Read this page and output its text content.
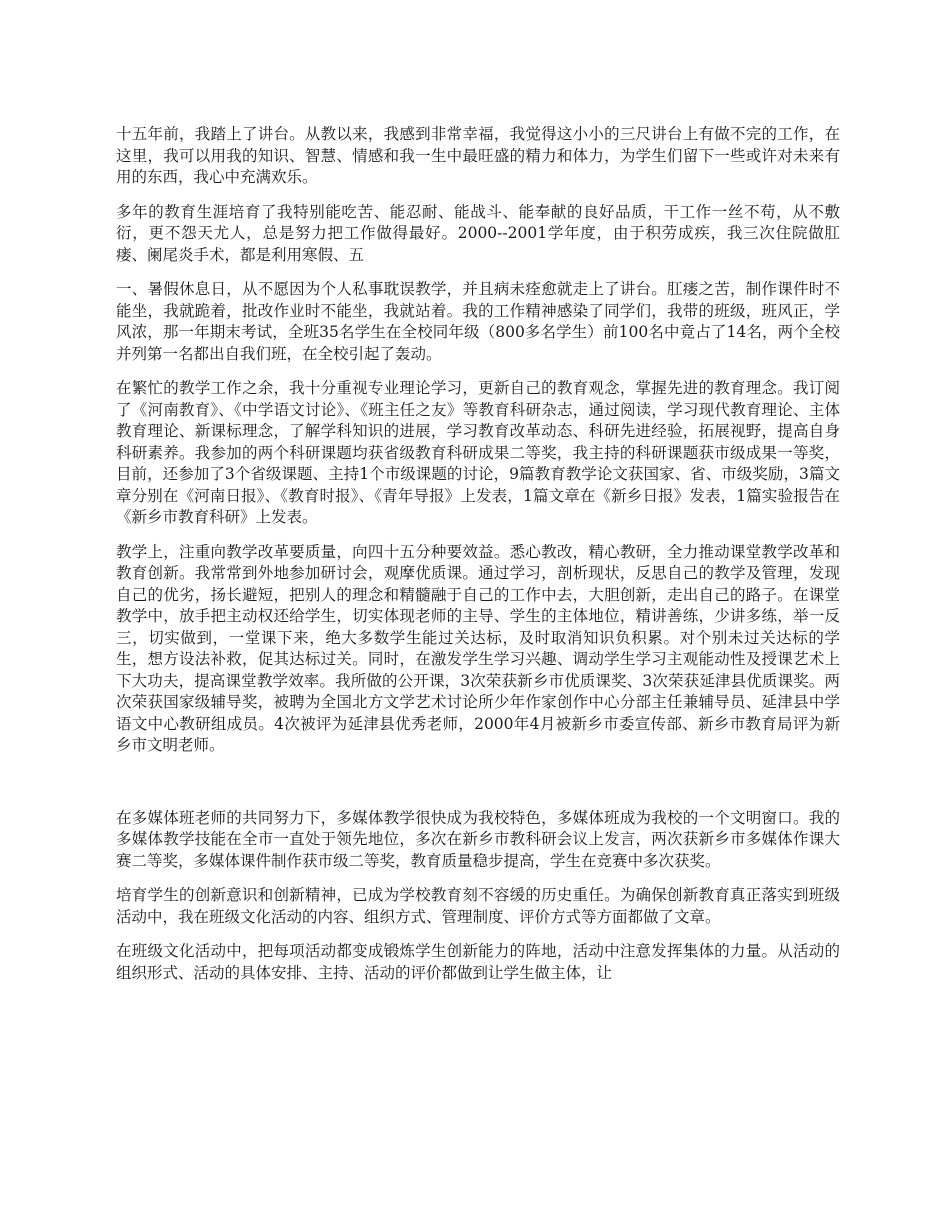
十五年前，我踏上了讲台。从教以来，我感到非常幸福，我觉得这小小的三尺讲台上有做不完的工作，在这里，我可以用我的知识、智慧、情感和我一生中最旺盛的精力和体力，为学生们留下一些或许对未来有用的东西，我心中充满欢乐。

多年的教育生涯培育了我特别能吃苦、能忍耐、能战斗、能奉献的良好品质，干工作一丝不苟，从不敷衍，更不怨天尤人，总是努力把工作做得最好。2000--2001学年度，由于积劳成疾，我三次住院做肛瘘、阑尾炎手术，都是利用寒假、五

一、暑假休息日，从不愿因为个人私事耽误教学，并且病未痊愈就走上了讲台。肛瘘之苦，制作课件时不能坐，我就跪着，批改作业时不能坐，我就站着。我的工作精神感染了同学们，我带的班级，班风正，学风浓，那一年期末考试，全班35名学生在全校同年级（800多名学生）前100名中竟占了14名，两个全校并列第一名都出自我们班，在全校引起了轰动。

在繁忙的教学工作之余，我十分重视专业理论学习，更新自己的教育观念，掌握先进的教育理念。我订阅了《河南教育》、《中学语文讨论》、《班主任之友》等教育科研杂志，通过阅读，学习现代教育理论、主体教育理论、新课标理念，了解学科知识的进展，学习教育改革动态、科研先进经验，拓展视野，提高自身科研素养。我参加的两个科研课题均获省级教育科研成果二等奖，我主持的科研课题获市级成果一等奖，目前，还参加了3个省级课题、主持1个市级课题的讨论，9篇教育教学论文获国家、省、市级奖励，3篇文章分别在《河南日报》、《教育时报》、《青年导报》上发表，1篇文章在《新乡日报》发表，1篇实验报告在《新乡市教育科研》上发表。

教学上，注重向教学改革要质量，向四十五分种要效益。悉心教改，精心教研，全力推动课堂教学改革和教育创新。我常常到外地参加研讨会，观摩优质课。通过学习，剖析现状，反思自己的教学及管理，发现自己的优劣，扬长避短，把别人的理念和精髓融于自己的工作中去，大胆创新，走出自己的路子。在课堂教学中，放手把主动权还给学生，切实体现老师的主导、学生的主体地位，精讲善练，少讲多练，举一反三，切实做到，一堂课下来，绝大多数学生能过关达标，及时取消知识负积累。对个别未过关达标的学生，想方设法补救，促其达标过关。同时，在激发学生学习兴趣、调动学生学习主观能动性及授课艺术上下大功夫，提高课堂教学效率。我所做的公开课，3次荣获新乡市优质课奖、3次荣获延津县优质课奖。两次荣获国家级辅导奖，被聘为全国北方文学艺术讨论所少年作家创作中心分部主任兼辅导员、延津县中学语文中心教研组成员。4次被评为延津县优秀老师，2000年4月被新乡市委宣传部、新乡市教育局评为新乡市文明老师。

在多媒体班老师的共同努力下，多媒体教学很快成为我校特色，多媒体班成为我校的一个文明窗口。我的多媒体教学技能在全市一直处于领先地位，多次在新乡市教科研会议上发言，两次获新乡市多媒体作课大赛二等奖，多媒体课件制作获市级二等奖，教育质量稳步提高，学生在竞赛中多次获奖。

培育学生的创新意识和创新精神，已成为学校教育刻不容缓的历史重任。为确保创新教育真正落实到班级活动中，我在班级文化活动的内容、组织方式、管理制度、评价方式等方面都做了文章。

在班级文化活动中，把每项活动都变成锻炼学生创新能力的阵地，活动中注意发挥集体的力量。从活动的组织形式、活动的具体安排、主持、活动的评价都做到让学生做主体，让
